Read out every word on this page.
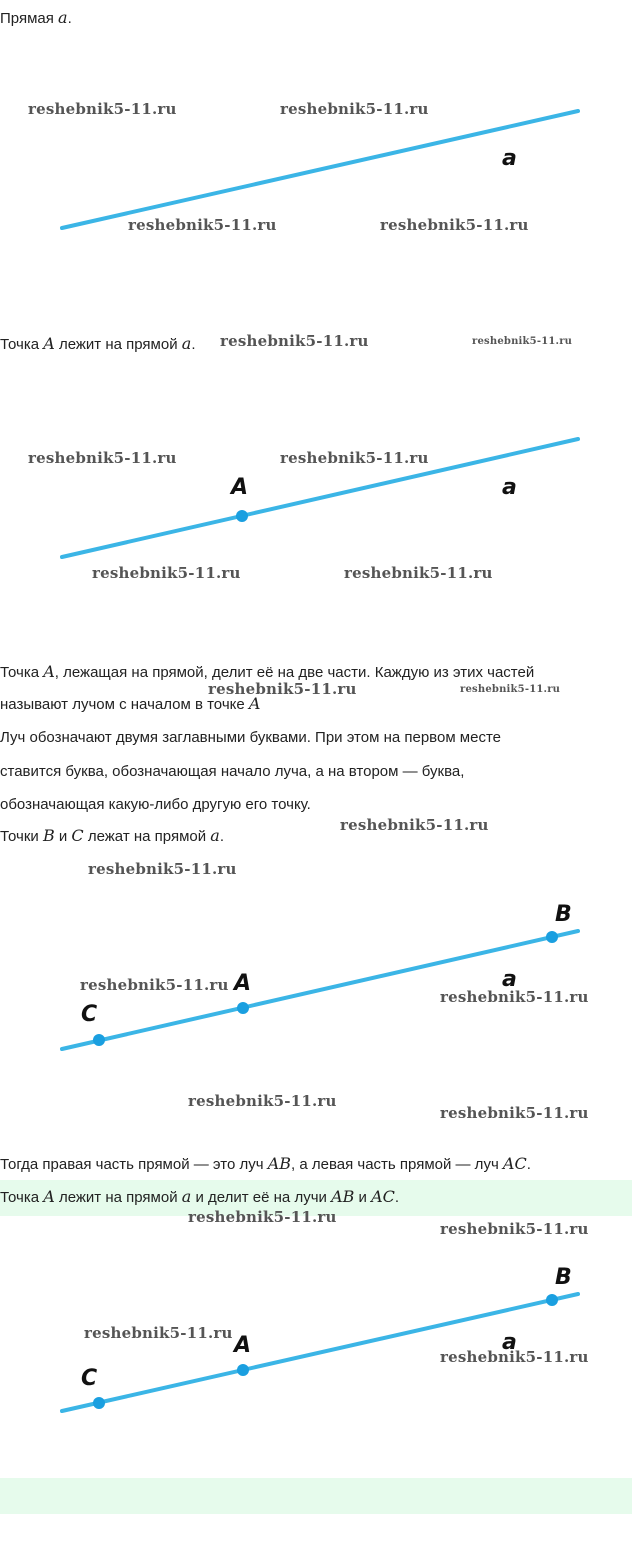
Прямая a.
a
Точка A лежит на прямой a.
A	a
Точка A, лежащая на прямой, делит её на две части. Каждую из этих частей
называют лучом с началом в точке A
Луч обозначают двумя заглавными буквами. При этом на первом месте
ставится буква, обозначающая начало луча, а на втором — буква,
обозначающая какую-либо другую его точку.
Точки B и C лежат на прямой a.
B
A
C
a
Тогда правая часть прямой — это луч AB, а левая часть прямой — луч AC.
Точка A лежит на прямой a и делит её на лучи AB и AC.
B
A
C
a
reshebnik5-11.ru	reshebnik5-11.ru
reshebnik5-11.ru	reshebnik5-11.ru
reshebnik5-11.ru	reshebnik5-11.ru
reshebnik5-11.ru	reshebnik5-11.ru
reshebnik5-11.ru	reshebnik5-11.ru
reshebnik5-11.ru	reshebnik5-11.ru
reshebnik5-11.ru
reshebnik5-11.ru
reshebnik5-11.ru
reshebnik5-11.ru
reshebnik5-11.ru
reshebnik5-11.ru
reshebnik5-11.ru
reshebnik5-11.ru
reshebnik5-11.ru
reshebnik5-11.ru
